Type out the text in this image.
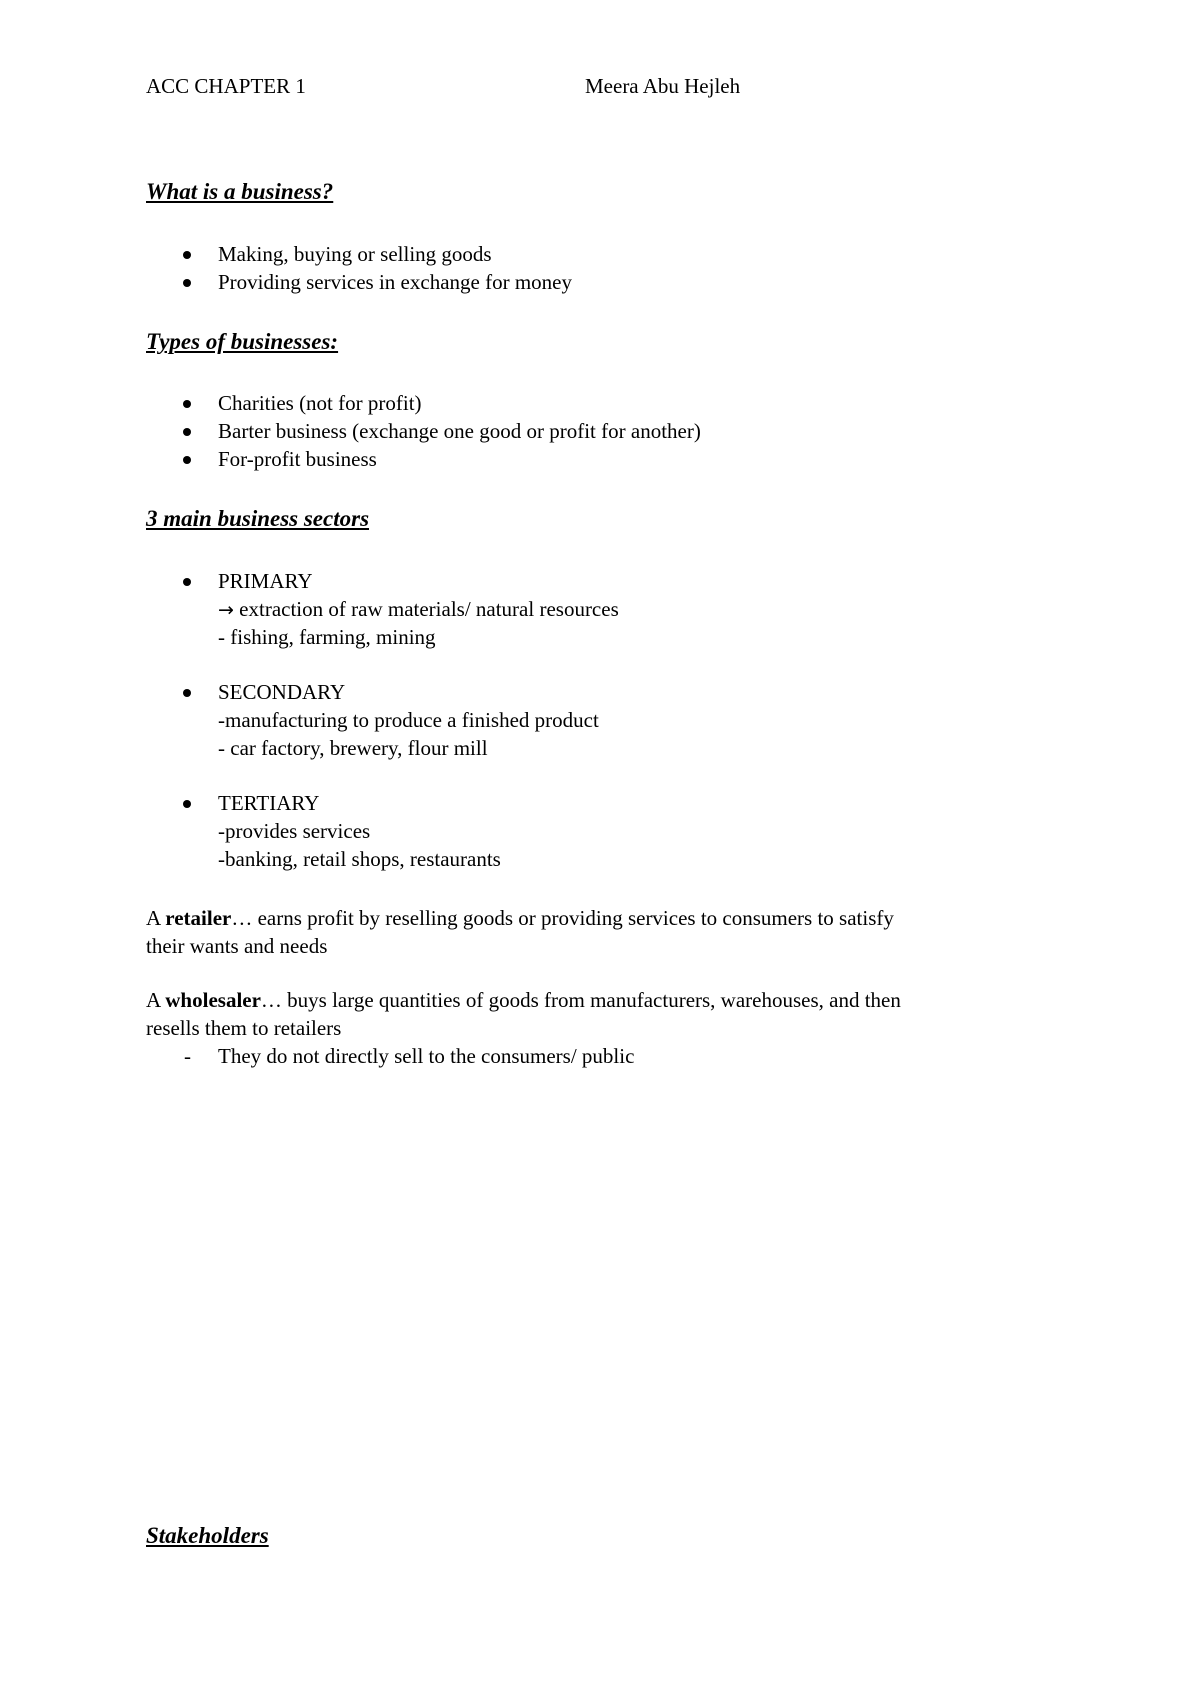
ACC CHAPTER 1	Meera Abu Hejleh
What is a business?
Making, buying or selling goods
Providing services in exchange for money
Types of businesses:
Charities (not for profit)
Barter business (exchange one good or profit for another)
For-profit business
3 main business sectors
PRIMARY
→ extraction of raw materials/ natural resources
- fishing, farming, mining
SECONDARY
-manufacturing to produce a finished product
- car factory, brewery, flour mill
TERTIARY
-provides services
-banking, retail shops, restaurants
A retailer… earns profit by reselling goods or providing services to consumers to satisfy
their wants and needs
A wholesaler… buys large quantities of goods from manufacturers, warehouses, and then
resells them to retailers
- They do not directly sell to the consumers/ public
Stakeholders
